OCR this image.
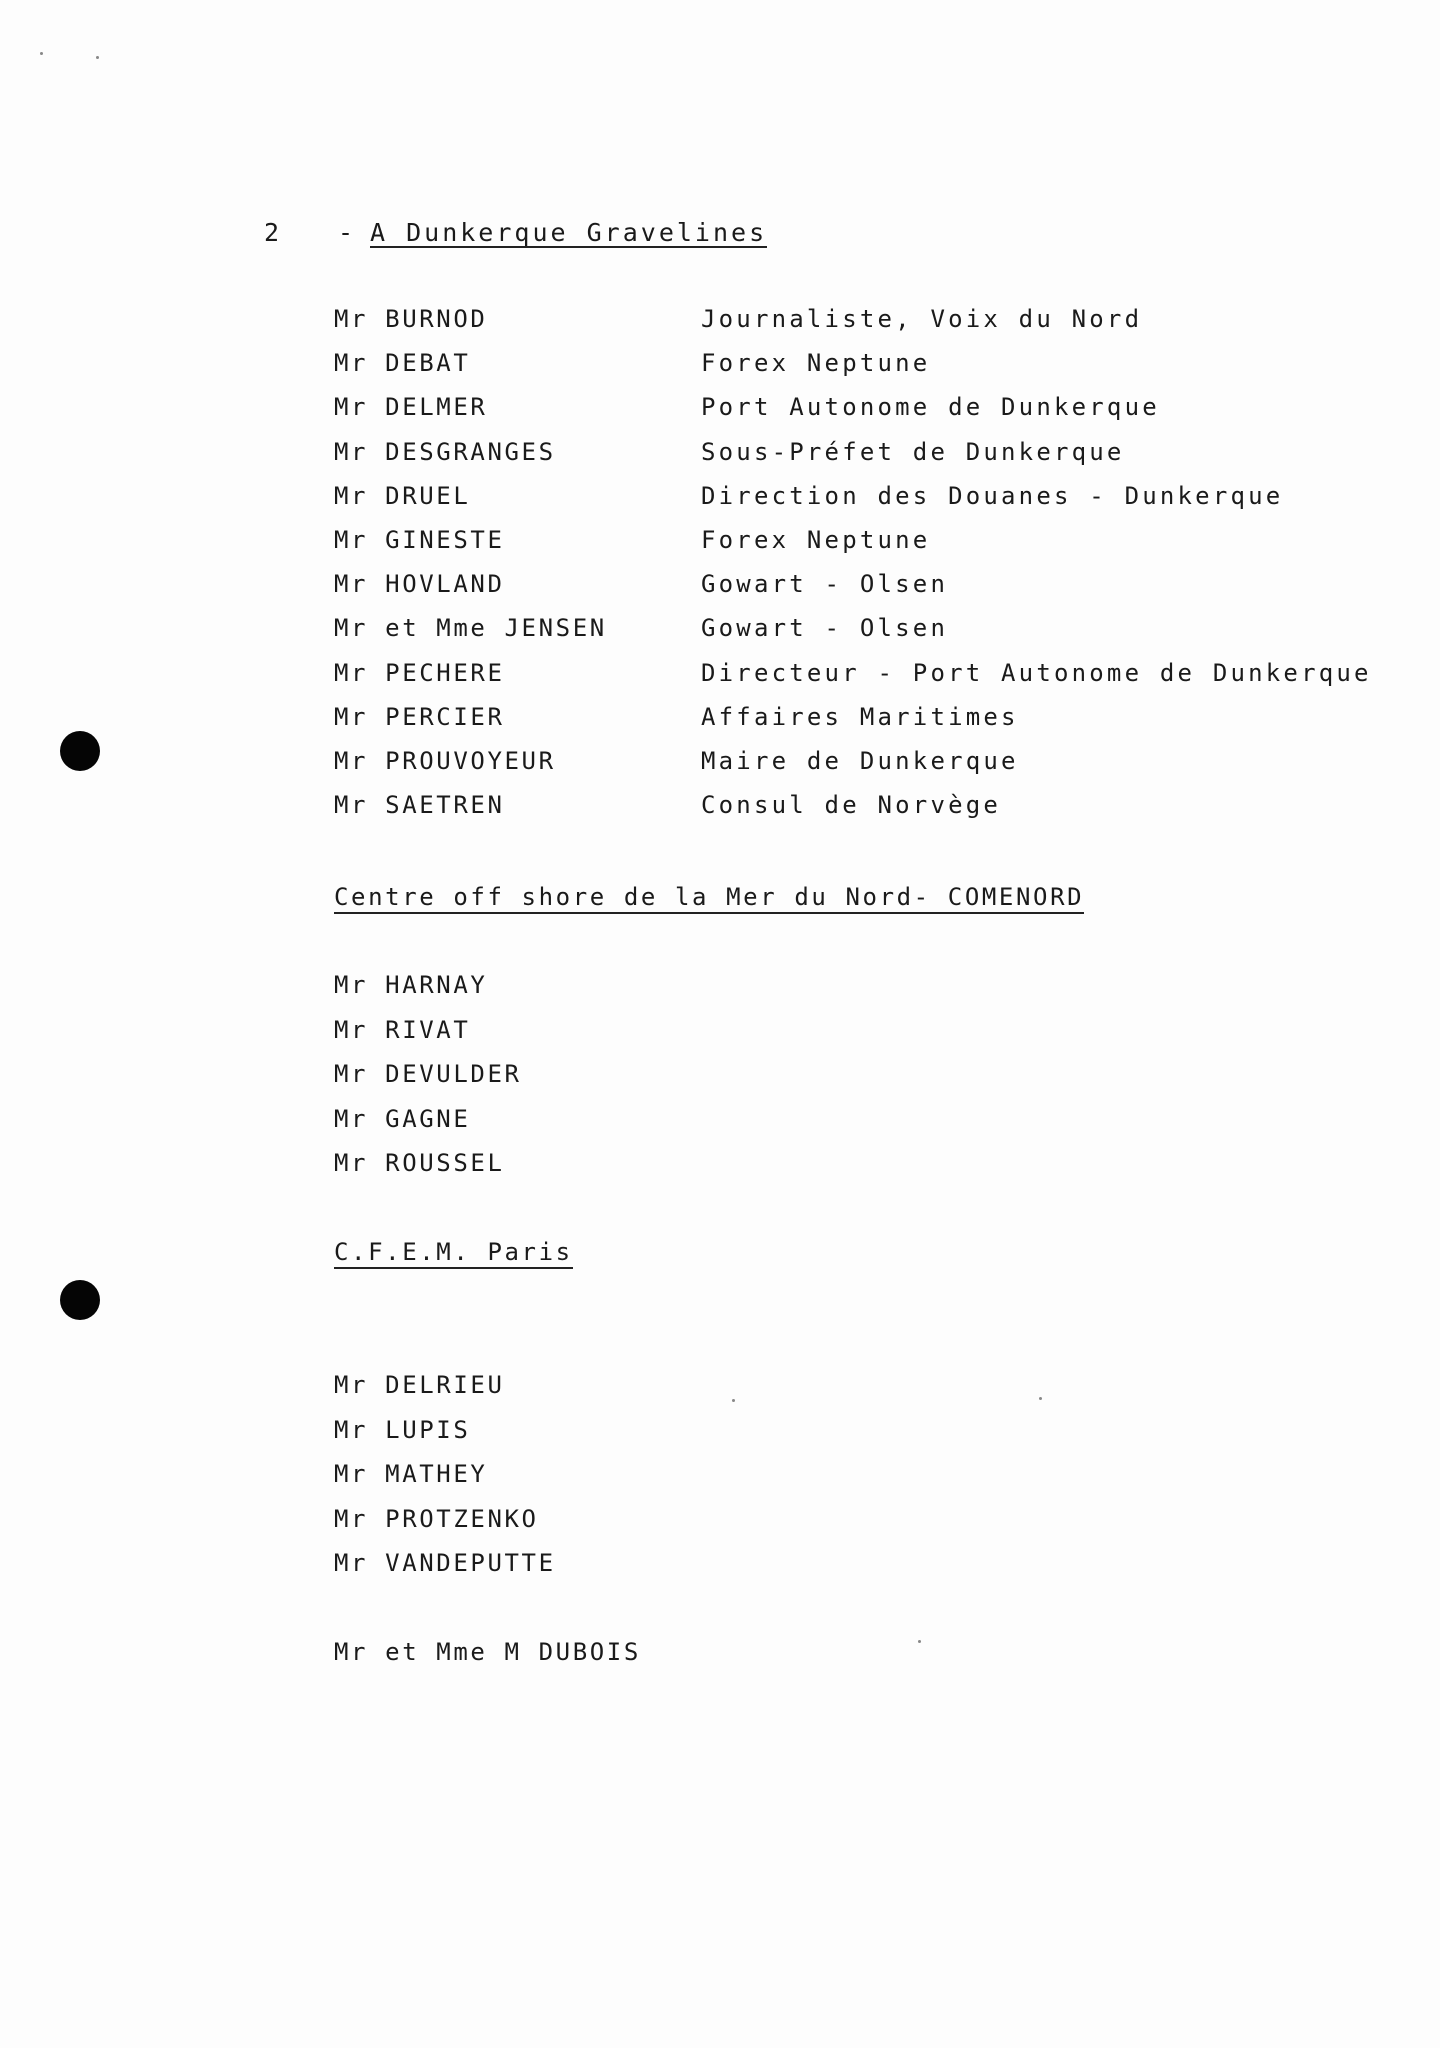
2 - A Dunkerque Gravelines
Mr BURNOD	Journaliste, Voix du Nord
Mr DEBAT	Forex Neptune
Mr DELMER	Port Autonome de Dunkerque
Mr DESGRANGES	Sous-Préfet de Dunkerque
Mr DRUEL	Direction des Douanes - Dunkerque
Mr GINESTE	Forex Neptune
Mr HOVLAND	Gowart - Olsen
Mr et Mme JENSEN	Gowart - Olsen
Mr PECHERE	Directeur - Port Autonome de Dunkerque
Mr PERCIER	Affaires Maritimes
Mr PROUVOYEUR	Maire de Dunkerque
Mr SAETREN	Consul de Norvège
Centre off shore de la Mer du Nord- COMENORD
Mr HARNAY
Mr RIVAT
Mr DEVULDER
Mr GAGNE
Mr ROUSSEL
C.F.E.M. Paris
Mr DELRIEU
Mr LUPIS
Mr MATHEY
Mr PROTZENKO
Mr VANDEPUTTE
Mr et Mme M DUBOIS
